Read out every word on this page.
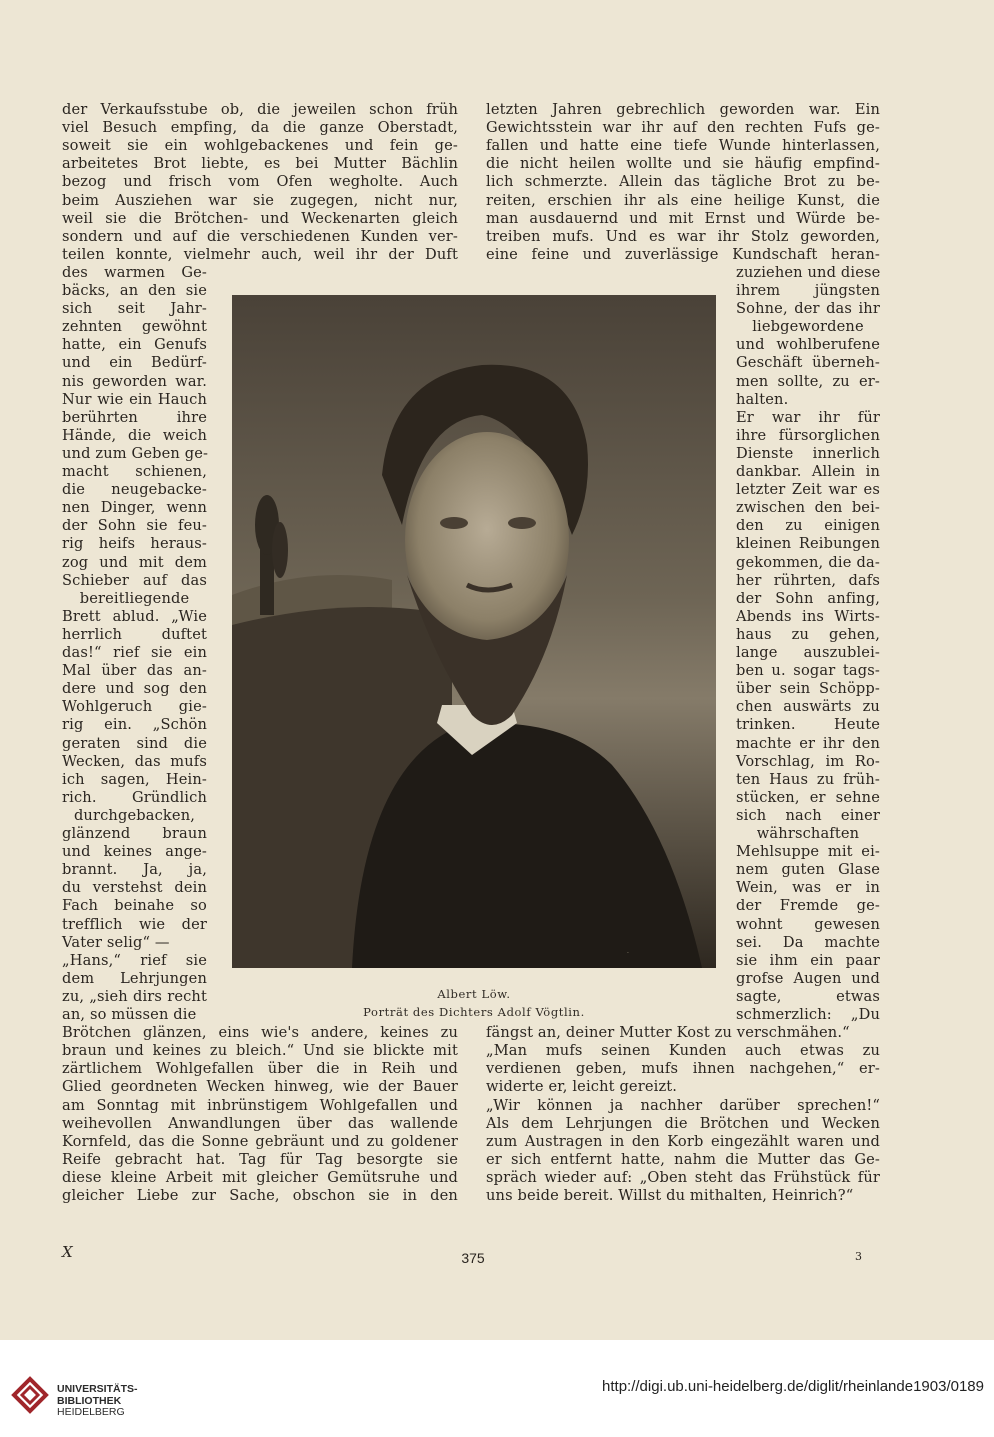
der Verkaufsstube ob, die jeweilen schon früh
viel Besuch empfing, da die ganze Oberstadt,
soweit sie ein wohlgebackenes und fein ge-
arbeitetes Brot liebte, es bei Mutter Bächlin
bezog und frisch vom Ofen wegholte. Auch
beim Ausziehen war sie zugegen, nicht nur,
weil sie die Brötchen- und Weckenarten gleich
sondern und auf die verschiedenen Kunden ver-
teilen konnte, vielmehr auch, weil ihr der Duft
des warmen Ge-
bäcks, an den sie
sich seit Jahr-
zehnten gewöhnt
hatte, ein Genufs
und ein Bedürf-
nis geworden war.
Nur wie ein Hauch
berührten ihre
Hände, die weich
und zum Geben ge-
macht schienen,
die neugebacke-
nen Dinger, wenn
der Sohn sie feu-
rig heifs heraus-
zog und mit dem
Schieber auf das
bereitliegende
Brett ablud. „Wie
herrlich duftet
das!“ rief sie ein
Mal über das an-
dere und sog den
Wohlgeruch gie-
rig ein. „Schön
geraten sind die
Wecken, das mufs
ich sagen, Hein-
rich. Gründlich
durchgebacken,
glänzend braun
und keines ange-
brannt. Ja, ja,
du verstehst dein
Fach beinahe so
trefflich wie der
Vater selig“ —
„Hans,“ rief sie
dem Lehrjungen
zu, „sieh dirs recht
an, so müssen die
Brötchen glänzen, eins wie's andere, keines zu
braun und keines zu bleich.“ Und sie blickte mit
zärtlichem Wohlgefallen über die in Reih und
Glied geordneten Wecken hinweg, wie der Bauer
am Sonntag mit inbrünstigem Wohlgefallen und
weihevollen Anwandlungen über das wallende
Kornfeld, das die Sonne gebräunt und zu goldener
Reife gebracht hat. Tag für Tag besorgte sie
diese kleine Arbeit mit gleicher Gemütsruhe und
gleicher Liebe zur Sache, obschon sie in den
letzten Jahren gebrechlich geworden war. Ein
Gewichtsstein war ihr auf den rechten Fufs ge-
fallen und hatte eine tiefe Wunde hinterlassen,
die nicht heilen wollte und sie häufig empfind-
lich schmerzte. Allein das tägliche Brot zu be-
reiten, erschien ihr als eine heilige Kunst, die
man ausdauernd und mit Ernst und Würde be-
treiben mufs. Und es war ihr Stolz geworden,
eine feine und zuverlässige Kundschaft heran-
zuziehen und diese
ihrem jüngsten
Sohne, der das ihr
liebgewordene
und wohlberufene
Geschäft überneh-
men sollte, zu er-
halten.
Er war ihr für
ihre fürsorglichen
Dienste innerlich
dankbar. Allein in
letzter Zeit war es
zwischen den bei-
den zu einigen
kleinen Reibungen
gekommen, die da-
her rührten, dafs
der Sohn anfing,
Abends ins Wirts-
haus zu gehen,
lange auszublei-
ben u. sogar tags-
über sein Schöpp-
chen auswärts zu
trinken. Heute
machte er ihr den
Vorschlag, im Ro-
ten Haus zu früh-
stücken, er sehne
sich nach einer
währschaften
Mehlsuppe mit ei-
nem guten Glase
Wein, was er in
der Fremde ge-
wohnt gewesen
sei. Da machte
sie ihm ein paar
grofse Augen und
sagte, etwas
schmerzlich: „Du
fängst an, deiner Mutter Kost zu verschmähen.“
„Man mufs seinen Kunden auch etwas zu
verdienen geben, mufs ihnen nachgehen,“ er-
widerte er, leicht gereizt.
„Wir können ja nachher darüber sprechen!“
Als dem Lehrjungen die Brötchen und Wecken
zum Austragen in den Korb eingezählt waren und
er sich entfernt hatte, nahm die Mutter das Ge-
spräch wieder auf: „Oben steht das Frühstück für
uns beide bereit. Willst du mithalten, Heinrich?“
·
Albert Löw.
Porträt des Dichters Adolf Vögtlin.
X	375	3
UNIVERSITÄTS-
BIBLIOTHEK
HEIDELBERG
http://digi.ub.uni-heidelberg.de/diglit/rheinlande1903/0189
